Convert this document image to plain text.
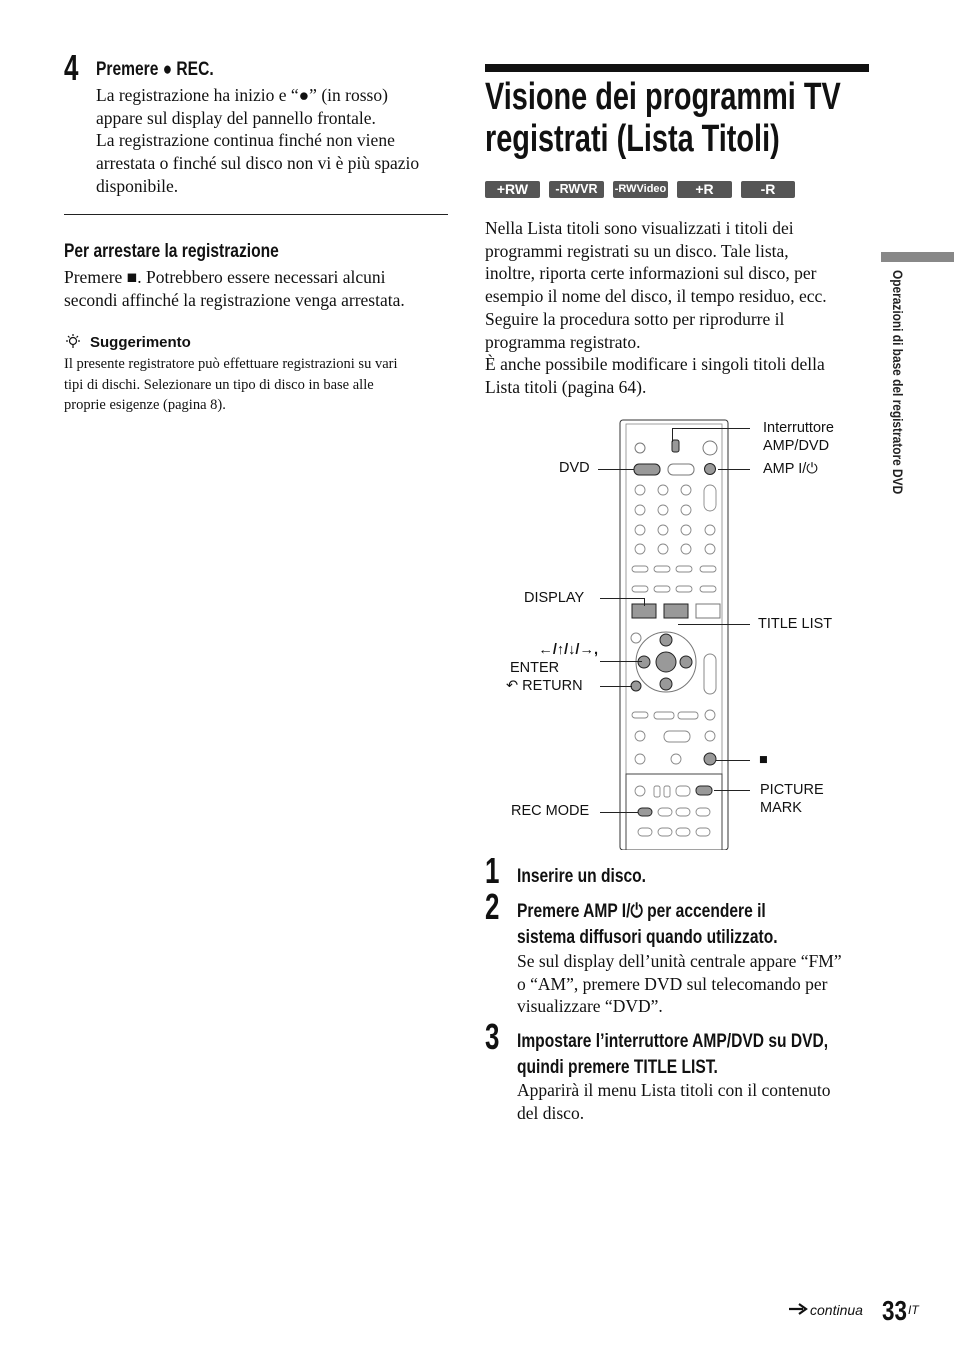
4 Premere ● REC.
La registrazione ha inizio e “●” (in rosso)
appare sul display del pannello frontale.
La registrazione continua finché non viene
arrestata o finché sul disco non vi è più spazio
disponibile.
Per arrestare la registrazione
Premere ■. Potrebbero essere necessari alcuni
secondi affinché la registrazione venga arrestata.
Suggerimento
Il presente registratore può effettuare registrazioni su vari
tipi di dischi. Selezionare un tipo di disco in base alle
proprie esigenze (pagina 8).
Visione dei programmi TV
registrati (Lista Titoli)
+RW	-RWVR	-RWVideo	+R	-R
Nella Lista titoli sono visualizzati i titoli dei
programmi registrati su un disco. Tale lista,
inoltre, riporta certe informazioni sul disco, per
esempio il nome del disco, il tempo residuo, ecc.
Seguire la procedura sotto per riprodurre il
programma registrato.
È anche possibile modificare i singoli titoli della
Lista titoli (pagina 64).
Interruttore
AMP/DVD
AMP I/⏻
DVD
DISPLAY
TITLE LIST
←/↑/↓/→,
ENTER
↶ RETURN
■
PICTURE
MARK
REC MODE
1 Inserire un disco.
2 Premere AMP I/⏻ per accendere il
sistema diffusori quando utilizzato.
Se sul display dell’unità centrale appare “FM”
o “AM”, premere DVD sul telecomando per
visualizzare “DVD”.
3 Impostare l’interruttore AMP/DVD su DVD,
quindi premere TITLE LIST.
Apparirà il menu Lista titoli con il contenuto
del disco.
Operazioni di base del registratore DVD
continua 33 IT
